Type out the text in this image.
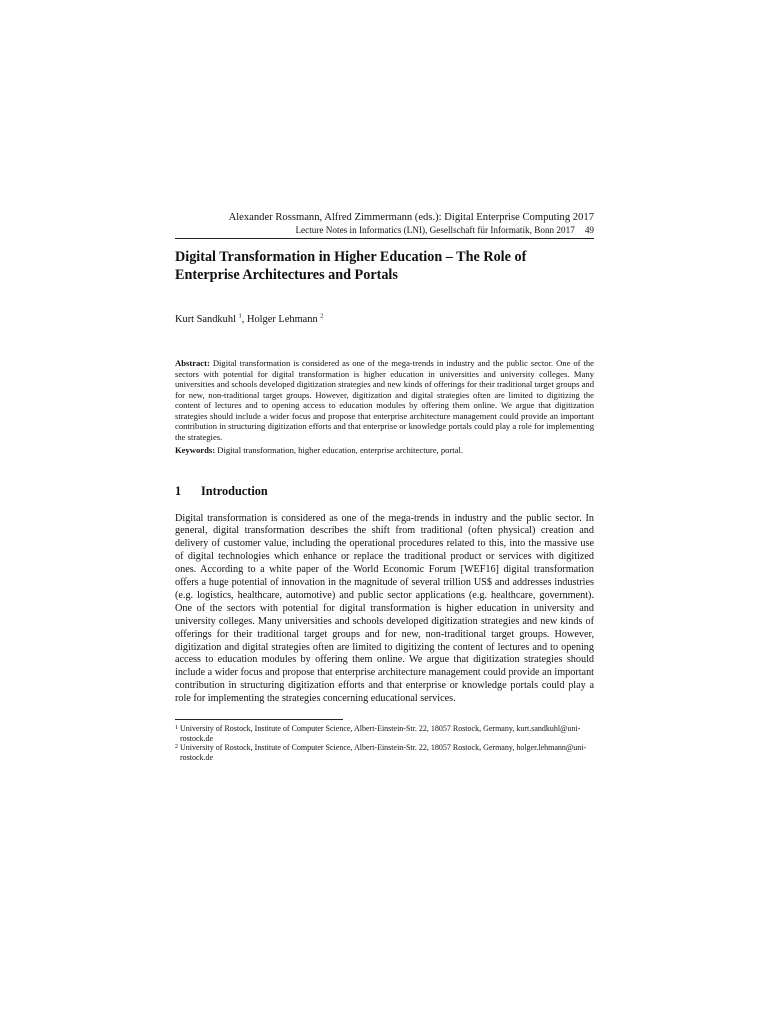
Alexander Rossmann, Alfred Zimmermann (eds.): Digital Enterprise Computing 2017
Lecture Notes in Informatics (LNI), Gesellschaft für Informatik, Bonn 2017 49
Digital Transformation in Higher Education – The Role of Enterprise Architectures and Portals
Kurt Sandkuhl $^1$, Holger Lehmann $^2$
Abstract: Digital transformation is considered as one of the mega-trends in industry and the public sector. One of the sectors with potential for digital transformation is higher education in universities and university colleges. Many universities and schools developed digitization strategies and new kinds of offerings for their traditional target groups and for new, non-traditional target groups. However, digitization and digital strategies often are limited to digitizing the content of lectures and to opening access to education modules by offering them online. We argue that digitization strategies should include a wider focus and propose that enterprise architecture management could provide an important contribution in structuring digitization efforts and that enterprise or knowledge portals could play a role for implementing the strategies.
Keywords: Digital transformation, higher education, enterprise architecture, portal.
1	Introduction
Digital transformation is considered as one of the mega-trends in industry and the public sector. In general, digital transformation describes the shift from traditional (often physical) creation and delivery of customer value, including the operational procedures related to this, into the massive use of digital technologies which enhance or replace the traditional product or services with digitized ones. According to a white paper of the World Economic Forum [WEF16] digital transformation offers a huge potential of innovation in the magnitude of several trillion US$ and addresses industries (e.g. logistics, healthcare, automotive) and public sector applications (e.g. healthcare, government). One of the sectors with potential for digital transformation is higher education in university and university colleges. Many universities and schools developed digitization strategies and new kinds of offerings for their traditional target groups and for new, non-traditional target groups. However, digitization and digital strategies often are limited to digitizing the content of lectures and to opening access to education modules by offering them online. We argue that digitization strategies should include a wider focus and propose that enterprise architecture management could provide an important contribution in structuring digitization efforts and that enterprise or knowledge portals could play a role for implementing the strategies concerning educational services.
1 University of Rostock, Institute of Computer Science, Albert-Einstein-Str. 22, 18057 Rostock, Germany, kurt.sandkuhl@uni-rostock.de
2 University of Rostock, Institute of Computer Science, Albert-Einstein-Str. 22, 18057 Rostock, Germany, holger.lehmann@uni-rostock.de
